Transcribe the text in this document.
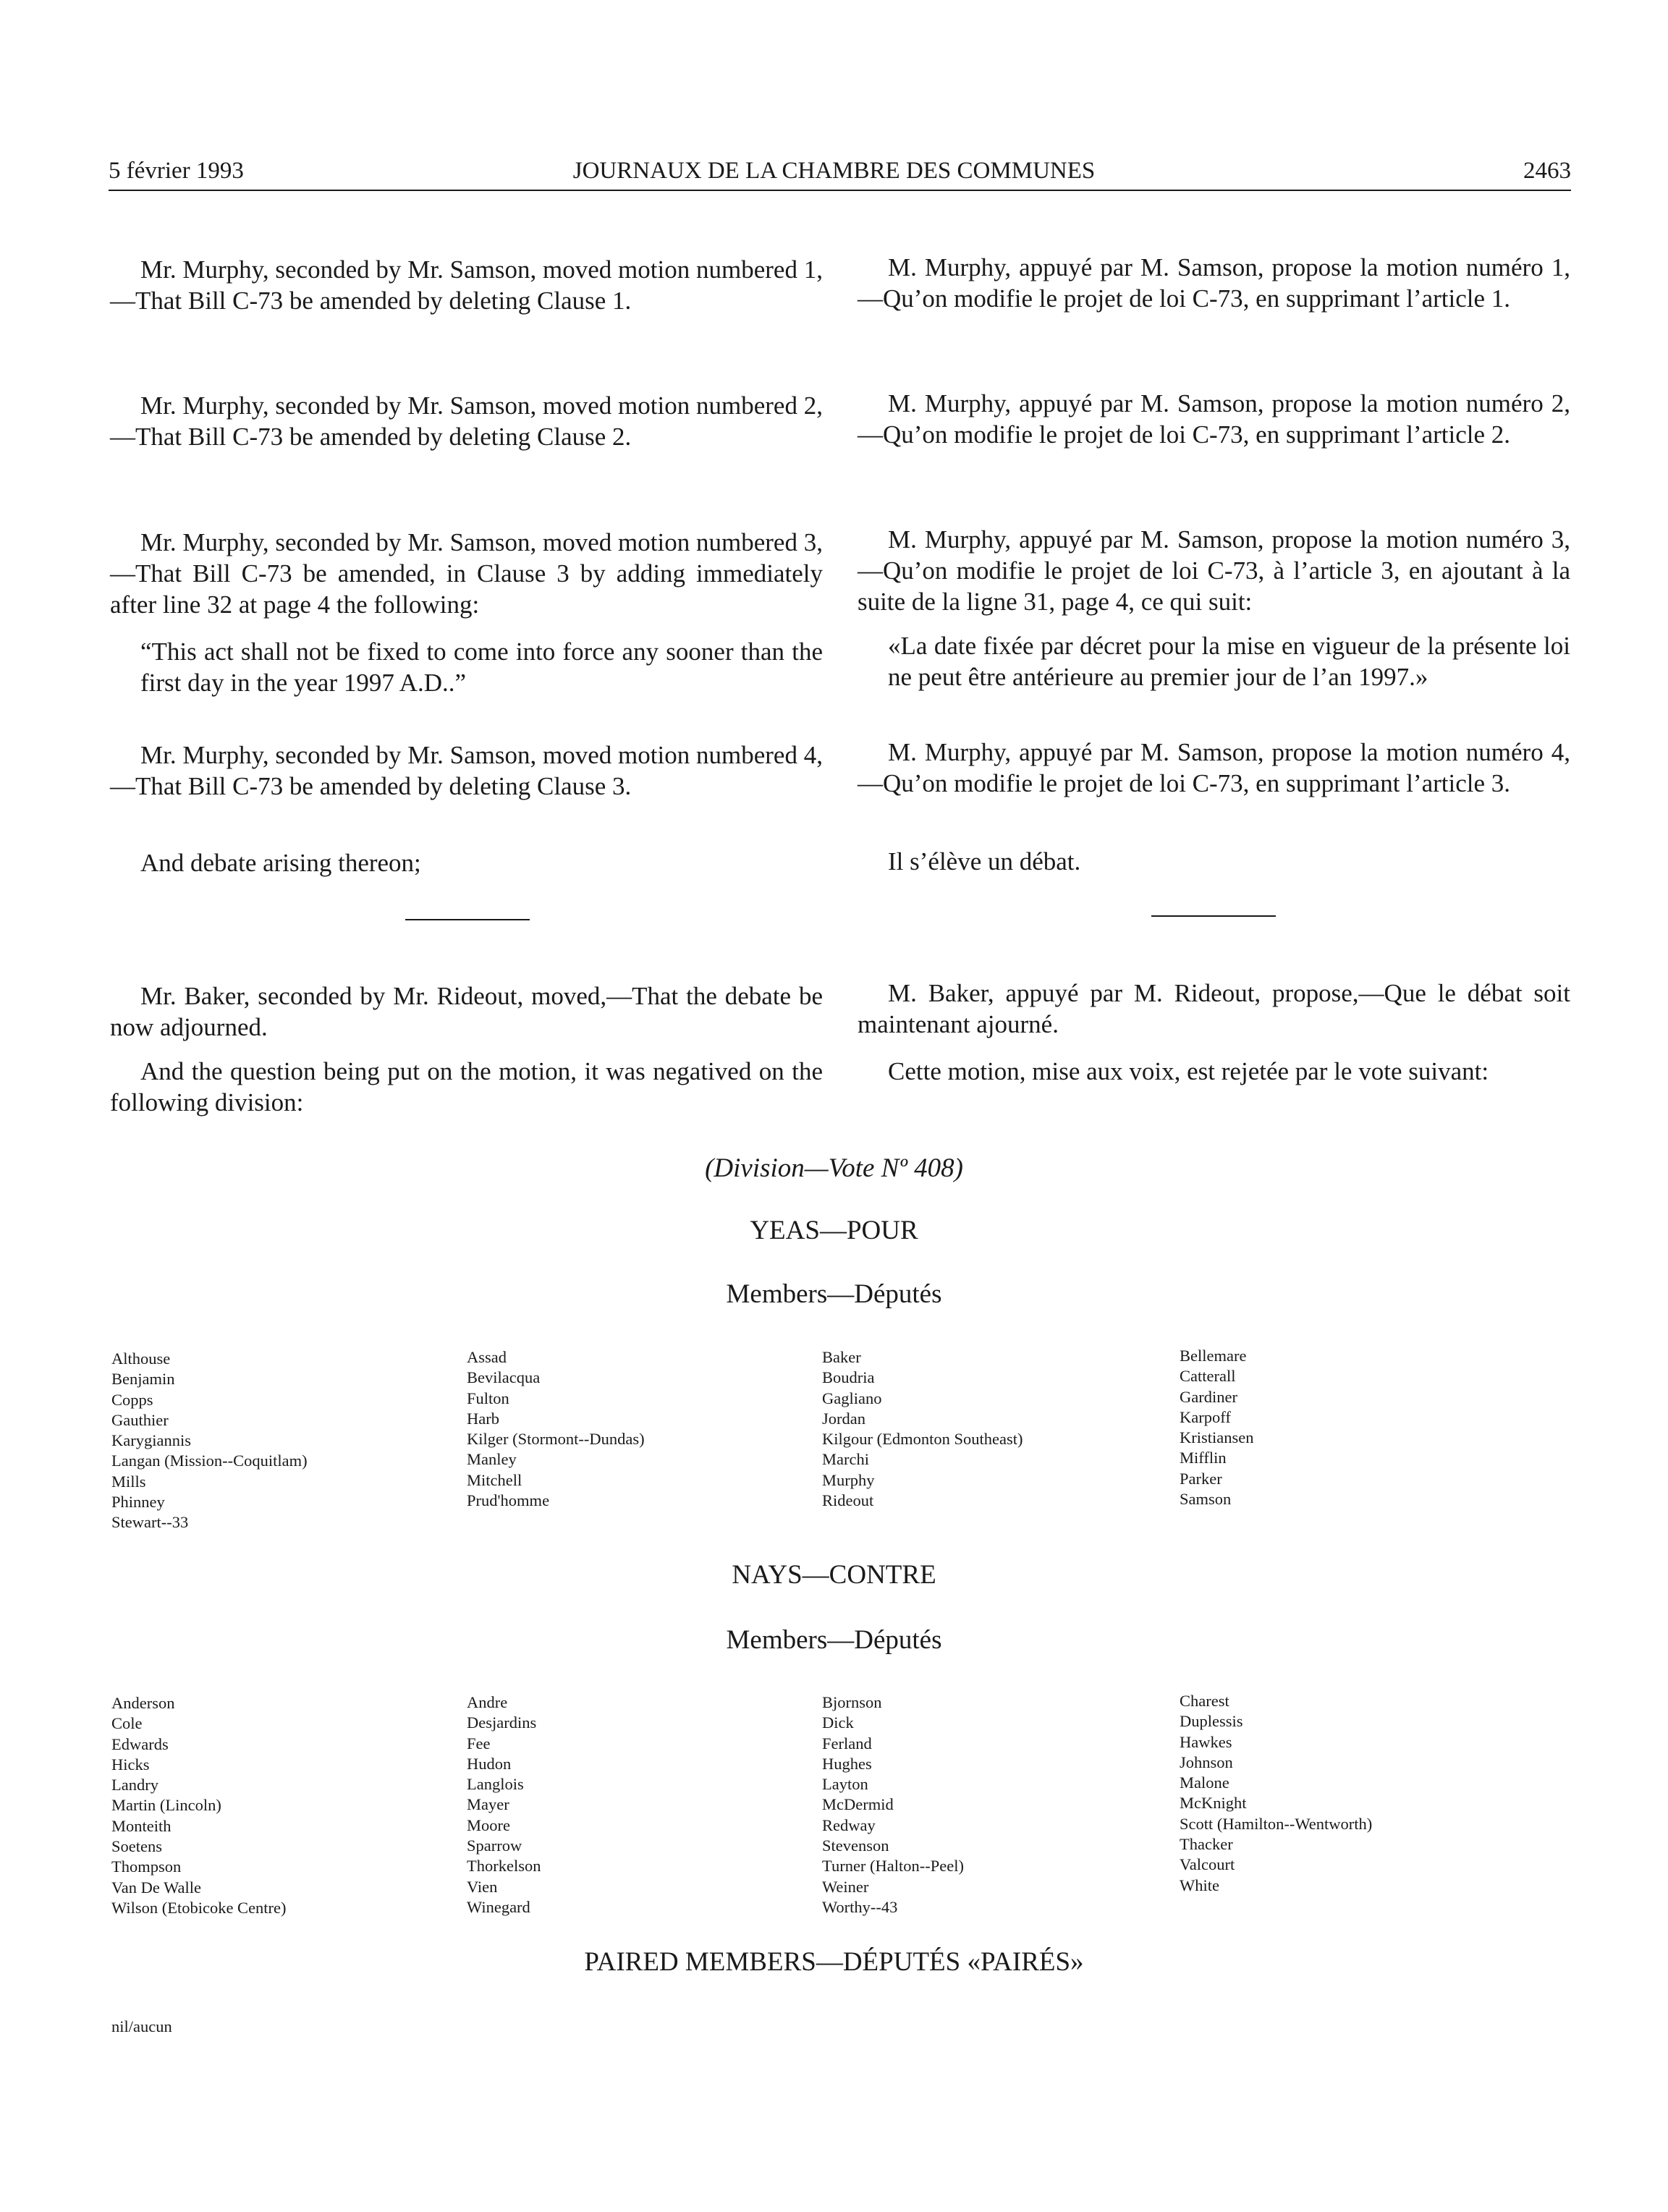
JOURNAUX DE LA CHAMBRE DES COMMUNES
5 février 1993	2463

Mr. Murphy, seconded by Mr. Samson, moved motion numbered 1,—That Bill C-73 be amended by deleting Clause 1.

Mr. Murphy, seconded by Mr. Samson, moved motion numbered 2,—That Bill C-73 be amended by deleting Clause 2.

Mr. Murphy, seconded by Mr. Samson, moved motion numbered 3,—That Bill C-73 be amended, in Clause 3 by adding immediately after line 32 at page 4 the following:

“This act shall not be fixed to come into force any sooner than the first day in the year 1997 A.D..”

Mr. Murphy, seconded by Mr. Samson, moved motion numbered 4,—That Bill C-73 be amended by deleting Clause 3.

And debate arising thereon;

Mr. Baker, seconded by Mr. Rideout, moved,—That the debate be now adjourned.

And the question being put on the motion, it was negatived on the following division:

M. Murphy, appuyé par M. Samson, propose la motion numéro 1,—Qu’on modifie le projet de loi C-73, en supprimant l’article 1.

M. Murphy, appuyé par M. Samson, propose la motion numéro 2,—Qu’on modifie le projet de loi C-73, en supprimant l’article 2.

M. Murphy, appuyé par M. Samson, propose la motion numéro 3,—Qu’on modifie le projet de loi C-73, à l’article 3, en ajoutant à la suite de la ligne 31, page 4, ce qui suit:

«La date fixée par décret pour la mise en vigueur de la présente loi ne peut être antérieure au premier jour de l’an 1997.»

M. Murphy, appuyé par M. Samson, propose la motion numéro 4,—Qu’on modifie le projet de loi C-73, en supprimant l’article 3.

Il s’élève un débat.

M. Baker, appuyé par M. Rideout, propose,—Que le débat soit maintenant ajourné.

Cette motion, mise aux voix, est rejetée par le vote suivant:

(Division—Vote Nº 408)
YEAS—POUR
Members—Députés
Althouse
Benjamin
Copps
Gauthier
Karygiannis
Langan (Mission--Coquitlam)
Mills
Phinney
Stewart--33
Assad
Bevilacqua
Fulton
Harb
Kilger (Stormont--Dundas)
Manley
Mitchell
Prud'homme
Baker
Boudria
Gagliano
Jordan
Kilgour (Edmonton Southeast)
Marchi
Murphy
Rideout
Bellemare
Catterall
Gardiner
Karpoff
Kristiansen
Mifflin
Parker
Samson
NAYS—CONTRE
Members—Députés
Anderson
Cole
Edwards
Hicks
Landry
Martin (Lincoln)
Monteith
Soetens
Thompson
Van De Walle
Wilson (Etobicoke Centre)
Andre
Desjardins
Fee
Hudon
Langlois
Mayer
Moore
Sparrow
Thorkelson
Vien
Winegard
Bjornson
Dick
Ferland
Hughes
Layton
McDermid
Redway
Stevenson
Turner (Halton--Peel)
Weiner
Worthy--43
Charest
Duplessis
Hawkes
Johnson
Malone
McKnight
Scott (Hamilton--Wentworth)
Thacker
Valcourt
White
PAIRED MEMBERS—DÉPUTÉS «PAIRÉS»
nil/aucun
